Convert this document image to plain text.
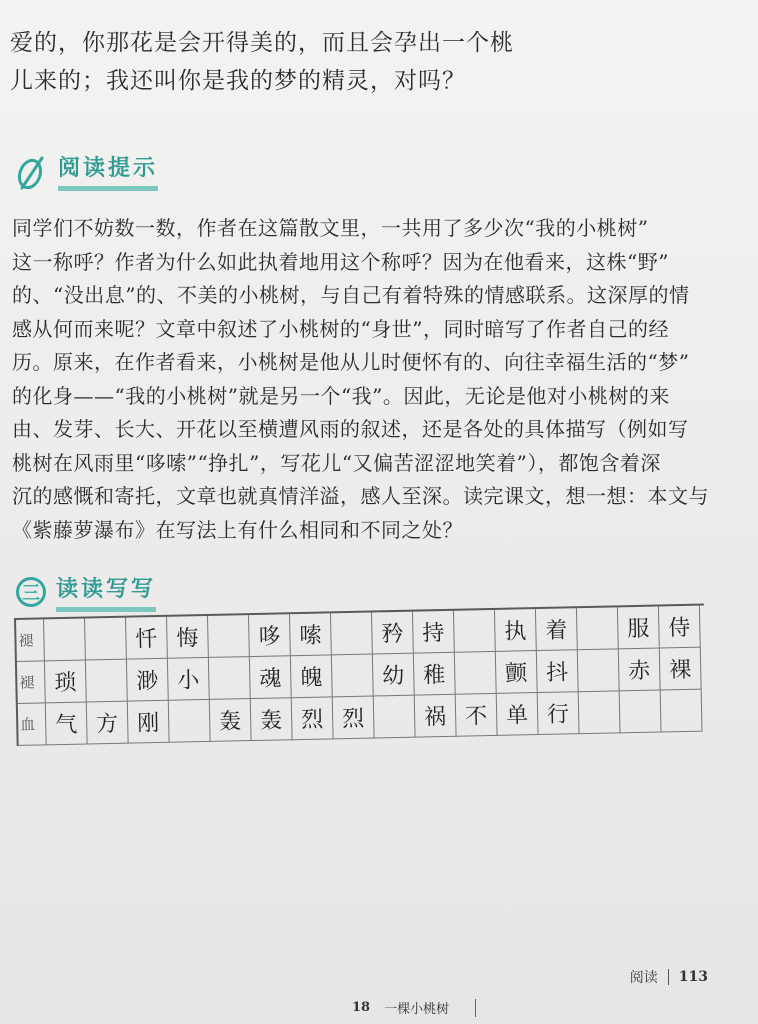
爱的，你那花是会开得美的，而且会孕出一个桃
儿来的；我还叫你是我的梦的精灵，对吗？
阅读提示
同学们不妨数一数，作者在这篇散文里，一共用了多少次“我的小桃树”
这一称呼？作者为什么如此执着地用这个称呼？因为在他看来，这株“野”
的、“没出息”的、不美的小桃树，与自己有着特殊的情感联系。这深厚的情
感从何而来呢？文章中叙述了小桃树的“身世”，同时暗写了作者自己的经
历。原来，在作者看来，小桃树是他从儿时便怀有的、向往幸福生活的“梦”
的化身——“我的小桃树”就是另一个“我”。因此，无论是他对小桃树的来
由、发芽、长大、开花以至横遭风雨的叙述，还是各处的具体描写（例如写
桃树在风雨里“哆嗦”“挣扎”，写花儿“又偏苦涩涩地笑着”），都饱含着深
沉的感慨和寄托，文章也就真情洋溢，感人至深。读完课文，想一想：本文与
《紫藤萝瀑布》在写法上有什么相同和不同之处？
三 读读写写
褪	忏 悔	哆 嗦	矜 持	执 着	服 侍
褪 琐	渺 小	魂 魄	幼 稚	颤 抖	赤 裸
血 气 方 刚	轰 轰 烈 烈	祸 不 单 行
阅读 113
18 一棵小桃树
